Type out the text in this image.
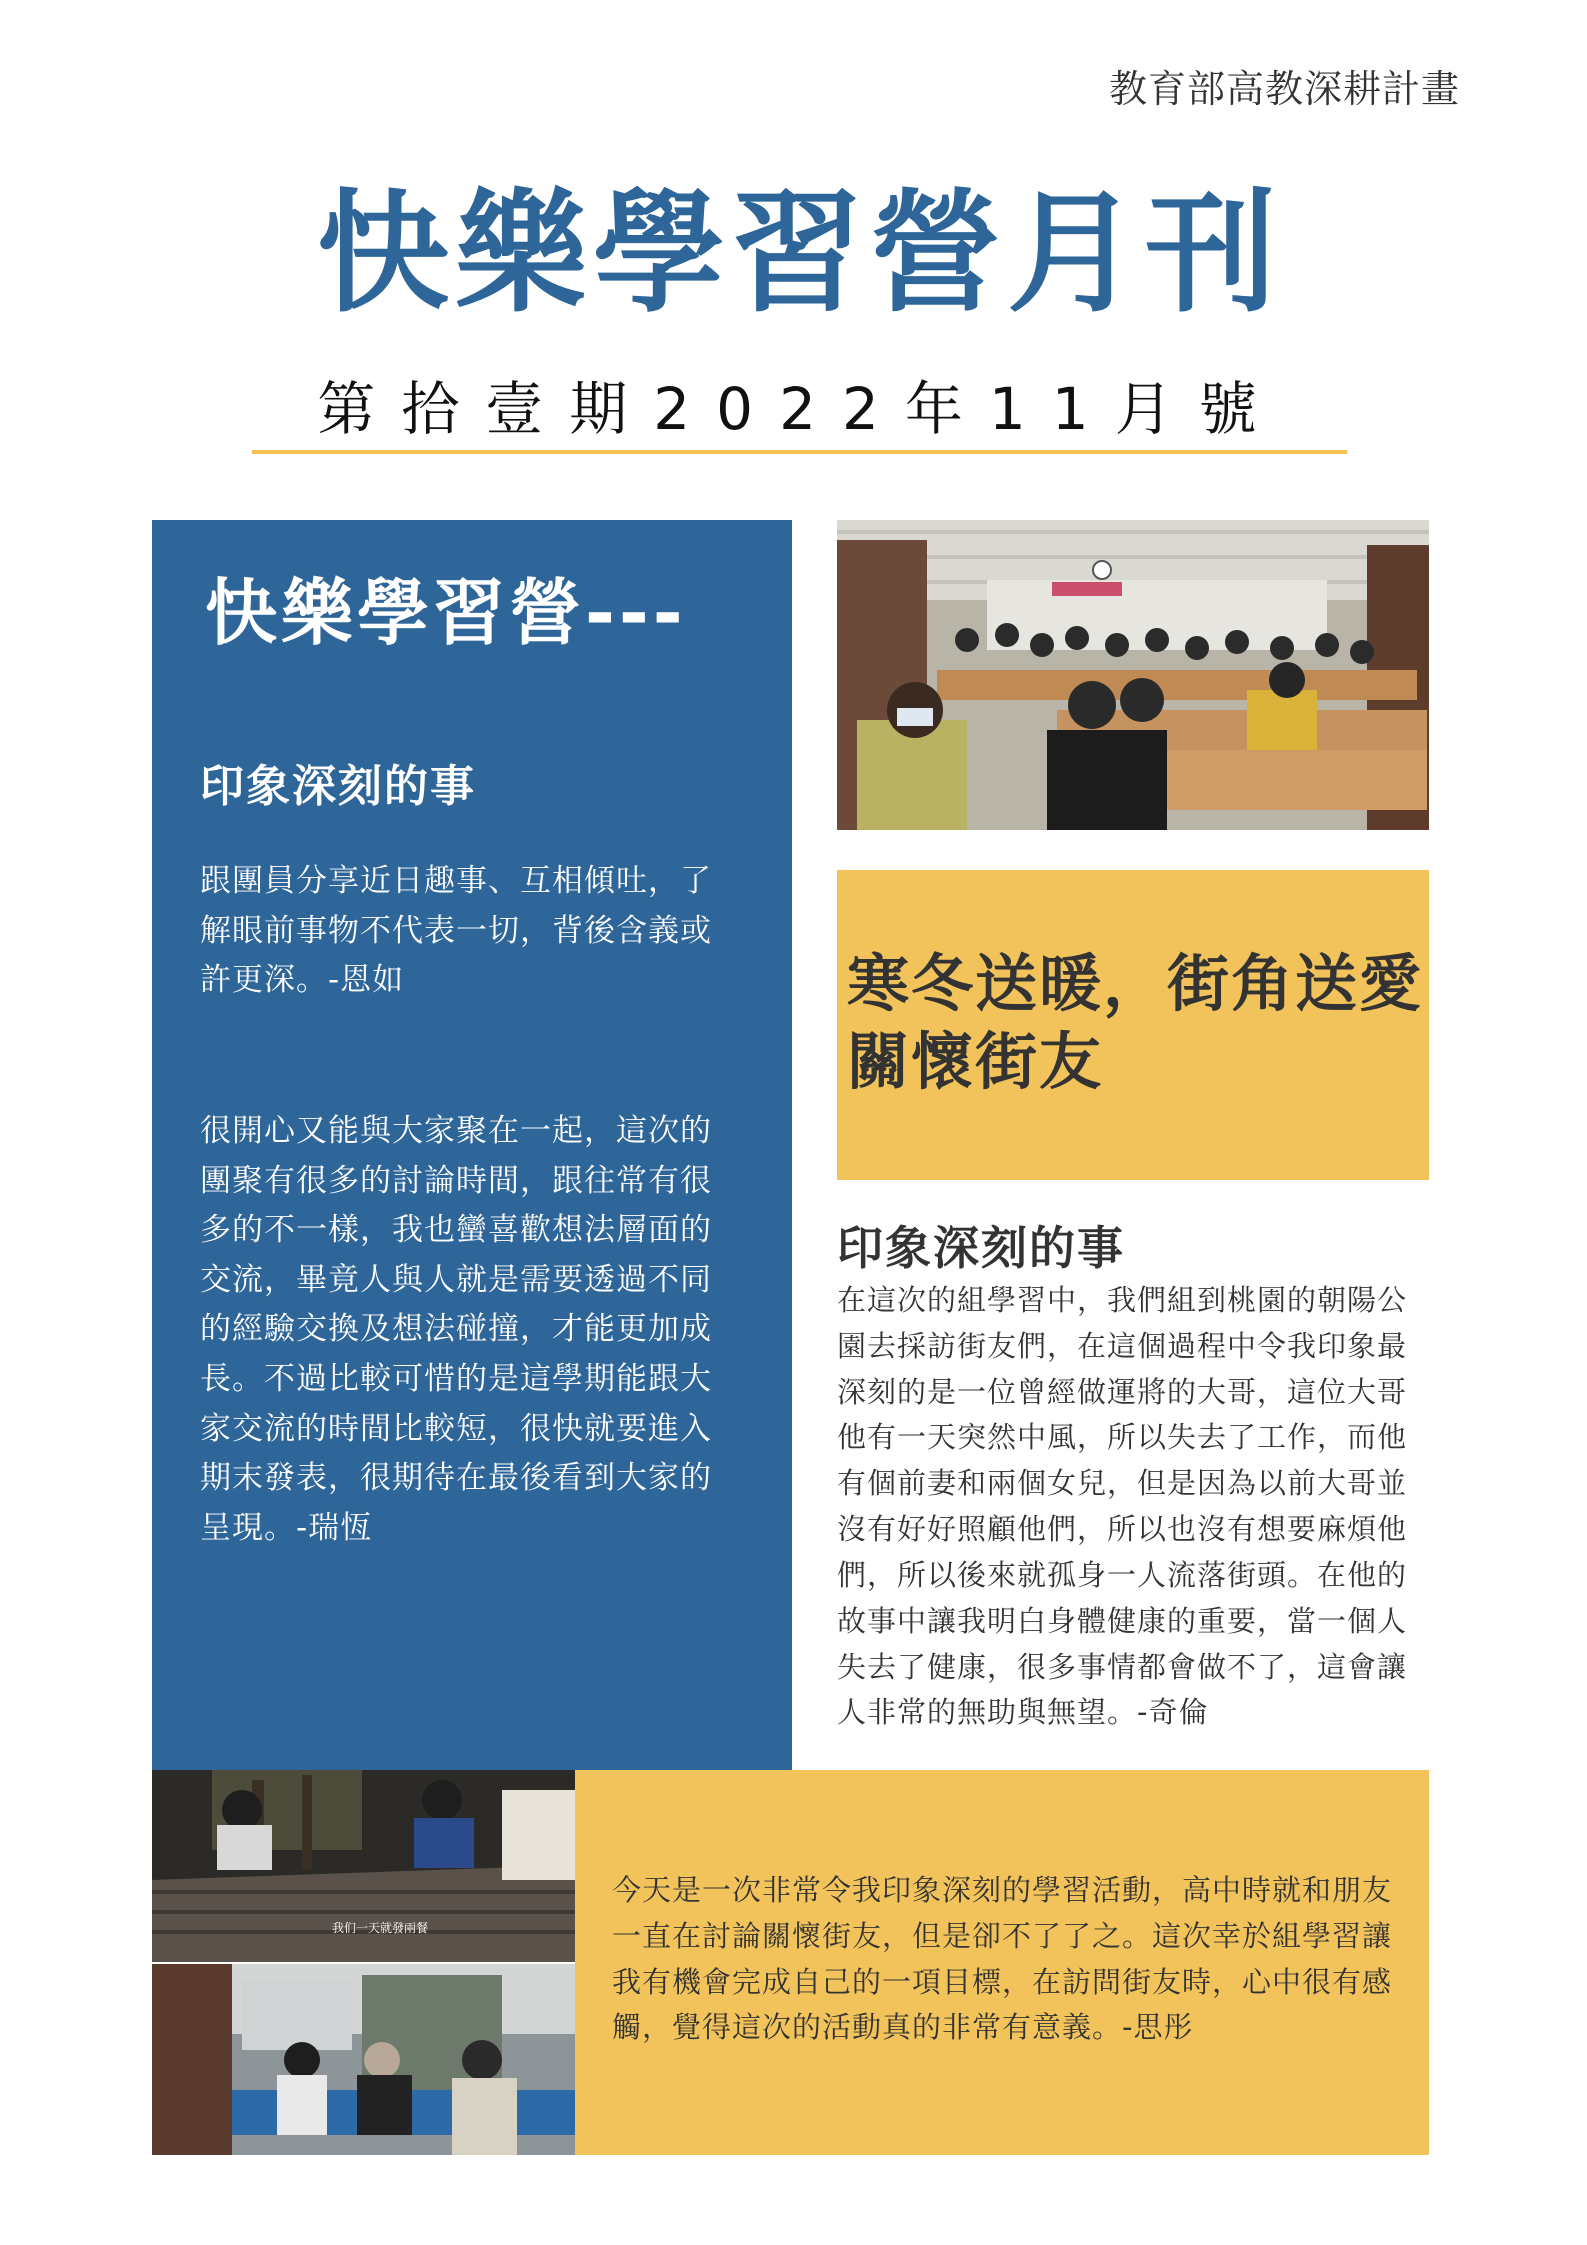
教育部高教深耕計畫
快樂學習營月刊
第拾壹期2022年11月號
快樂學習營---
印象深刻的事

跟團員分享近日趣事、互相傾吐，了解眼前事物不代表一切，背後含義或許更深。-恩如

很開心又能與大家聚在一起，這次的團聚有很多的討論時間，跟往常有很多的不一樣，我也蠻喜歡想法層面的交流，畢竟人與人就是需要透過不同的經驗交換及想法碰撞，才能更加成長。不過比較可惜的是這學期能跟大家交流的時間比較短，很快就要進入期末發表，很期待在最後看到大家的呈現。-瑞恆

寒冬送暖，街角送愛關懷街友

印象深刻的事

在這次的組學習中，我們組到桃園的朝陽公園去採訪街友們，在這個過程中令我印象最深刻的是一位曾經做運將的大哥，這位大哥他有一天突然中風，所以失去了工作，而他有個前妻和兩個女兒，但是因為以前大哥並沒有好好照顧他們，所以也沒有想要麻煩他們，所以後來就孤身一人流落街頭。在他的故事中讓我明白身體健康的重要，當一個人失去了健康，很多事情都會做不了，這會讓人非常的無助與無望。-奇倫

我们一天就發兩餐

今天是一次非常令我印象深刻的學習活動，高中時就和朋友一直在討論關懷街友，但是卻不了了之。這次幸於組學習讓我有機會完成自己的一項目標，在訪問街友時，心中很有感觸，覺得這次的活動真的非常有意義。-思彤
